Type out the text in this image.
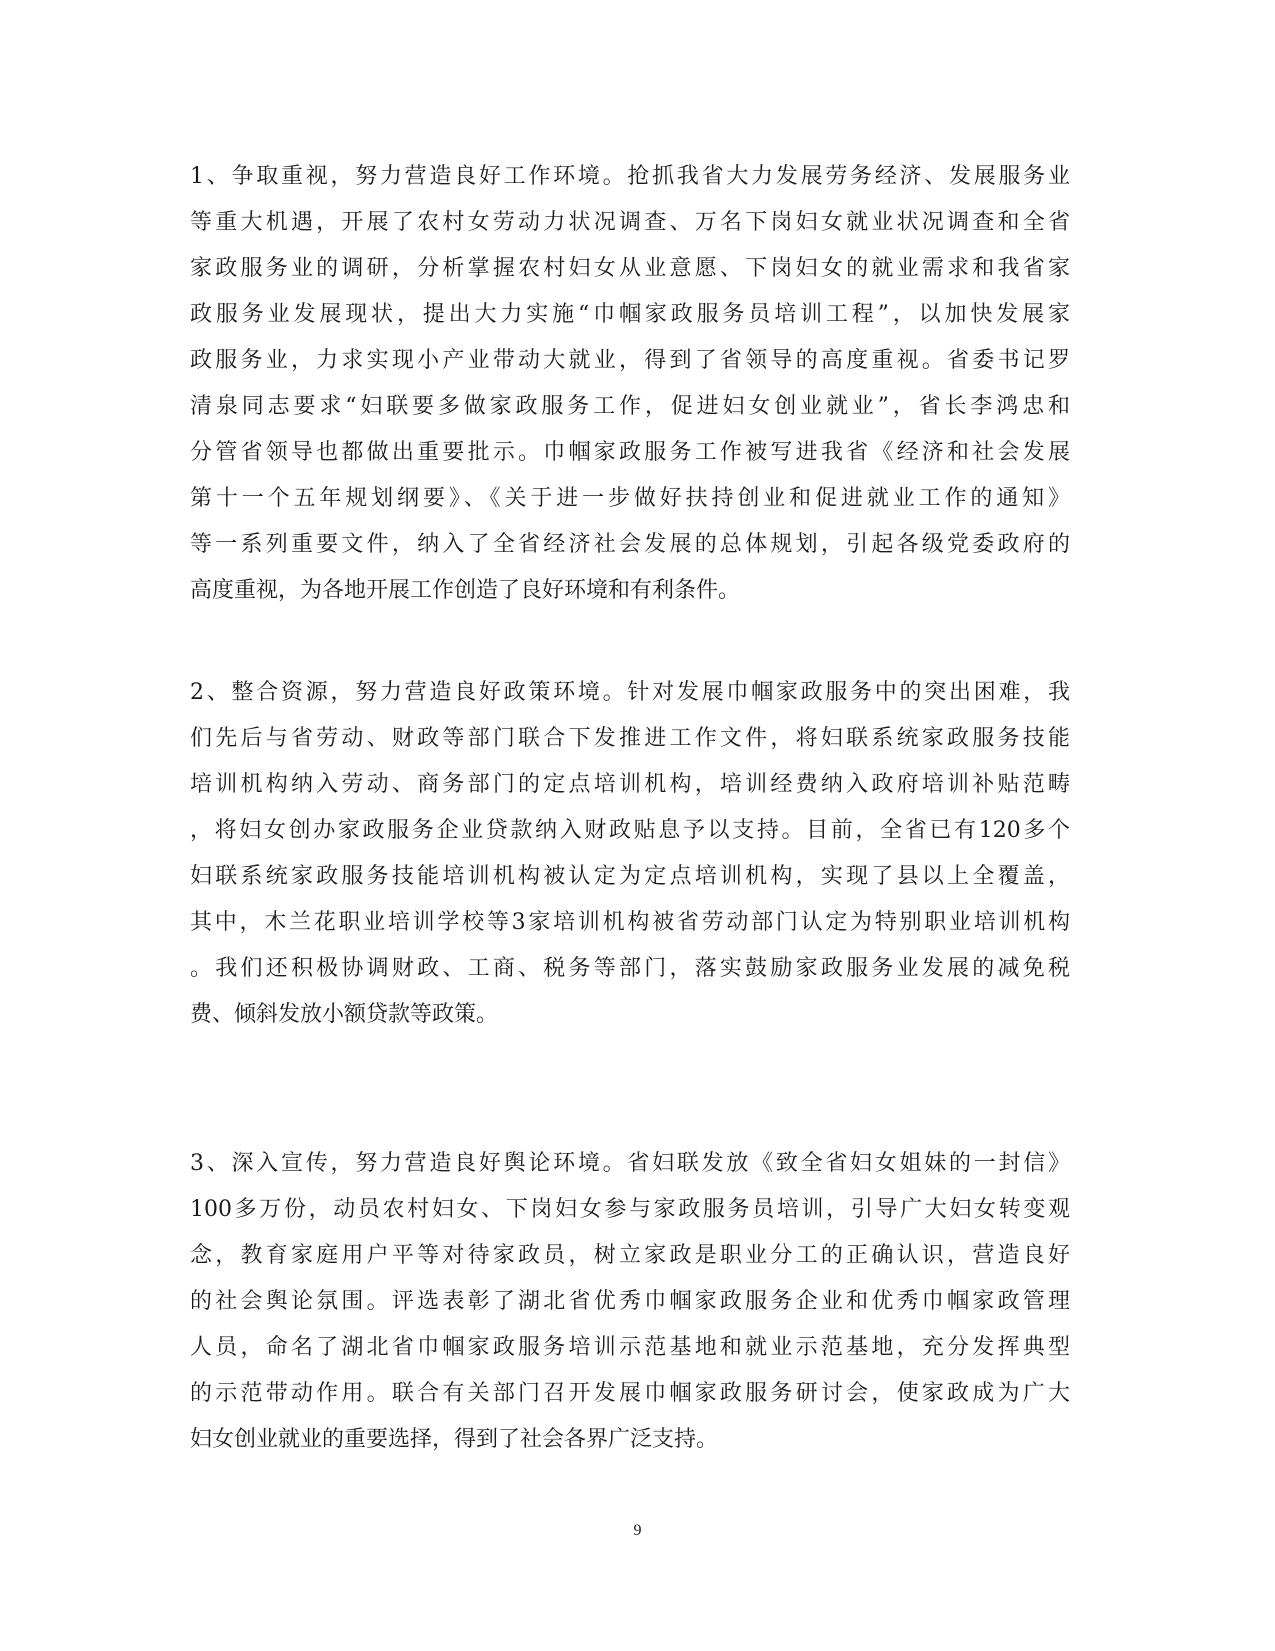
1、争取重视，努力营造良好工作环境。抢抓我省大力发展劳务经济、发展服务业
等重大机遇，开展了农村女劳动力状况调查、万名下岗妇女就业状况调查和全省
家政服务业的调研，分析掌握农村妇女从业意愿、下岗妇女的就业需求和我省家
政服务业发展现状，提出大力实施“巾帼家政服务员培训工程”，以加快发展家
政服务业，力求实现小产业带动大就业，得到了省领导的高度重视。省委书记罗
清泉同志要求“妇联要多做家政服务工作，促进妇女创业就业”，省长李鸿忠和
分管省领导也都做出重要批示。巾帼家政服务工作被写进我省《经济和社会发展
第十一个五年规划纲要》、《关于进一步做好扶持创业和促进就业工作的通知》
等一系列重要文件，纳入了全省经济社会发展的总体规划，引起各级党委政府的
高度重视，为各地开展工作创造了良好环境和有利条件。
2、整合资源，努力营造良好政策环境。针对发展巾帼家政服务中的突出困难，我
们先后与省劳动、财政等部门联合下发推进工作文件，将妇联系统家政服务技能
培训机构纳入劳动、商务部门的定点培训机构，培训经费纳入政府培训补贴范畴
，将妇女创办家政服务企业贷款纳入财政贴息予以支持。目前，全省已有120多个
妇联系统家政服务技能培训机构被认定为定点培训机构，实现了县以上全覆盖，
其中，木兰花职业培训学校等3家培训机构被省劳动部门认定为特别职业培训机构
。我们还积极协调财政、工商、税务等部门，落实鼓励家政服务业发展的减免税
费、倾斜发放小额贷款等政策。
3、深入宣传，努力营造良好舆论环境。省妇联发放《致全省妇女姐妹的一封信》
100多万份，动员农村妇女、下岗妇女参与家政服务员培训，引导广大妇女转变观
念，教育家庭用户平等对待家政员，树立家政是职业分工的正确认识，营造良好
的社会舆论氛围。评选表彰了湖北省优秀巾帼家政服务企业和优秀巾帼家政管理
人员，命名了湖北省巾帼家政服务培训示范基地和就业示范基地，充分发挥典型
的示范带动作用。联合有关部门召开发展巾帼家政服务研讨会，使家政成为广大
妇女创业就业的重要选择，得到了社会各界广泛支持。
9
